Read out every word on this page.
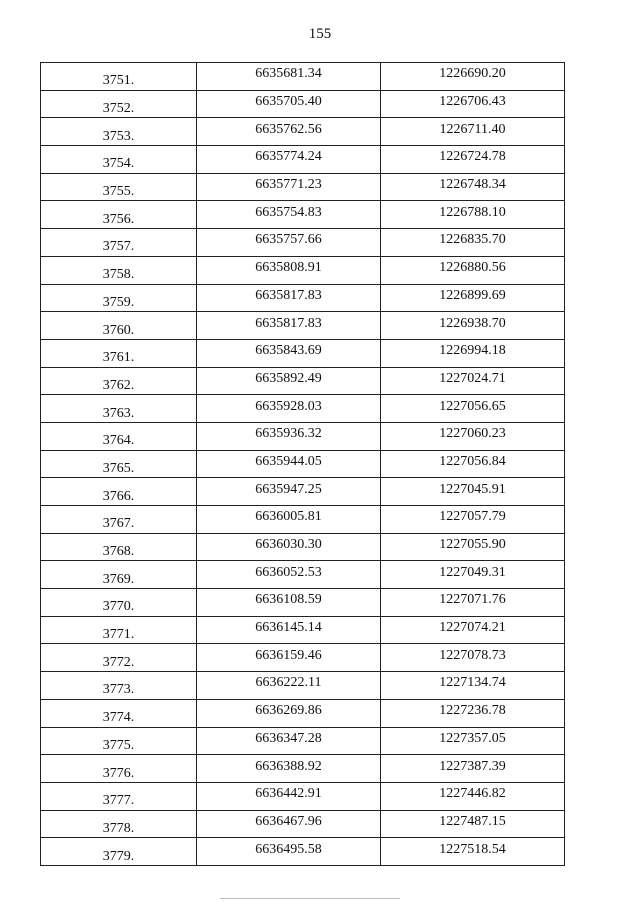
155
3751.	6635681.34	1226690.20
3752.	6635705.40	1226706.43
3753.	6635762.56	1226711.40
3754.	6635774.24	1226724.78
3755.	6635771.23	1226748.34
3756.	6635754.83	1226788.10
3757.	6635757.66	1226835.70
3758.	6635808.91	1226880.56
3759.	6635817.83	1226899.69
3760.	6635817.83	1226938.70
3761.	6635843.69	1226994.18
3762.	6635892.49	1227024.71
3763.	6635928.03	1227056.65
3764.	6635936.32	1227060.23
3765.	6635944.05	1227056.84
3766.	6635947.25	1227045.91
3767.	6636005.81	1227057.79
3768.	6636030.30	1227055.90
3769.	6636052.53	1227049.31
3770.	6636108.59	1227071.76
3771.	6636145.14	1227074.21
3772.	6636159.46	1227078.73
3773.	6636222.11	1227134.74
3774.	6636269.86	1227236.78
3775.	6636347.28	1227357.05
3776.	6636388.92	1227387.39
3777.	6636442.91	1227446.82
3778.	6636467.96	1227487.15
3779.	6636495.58	1227518.54
